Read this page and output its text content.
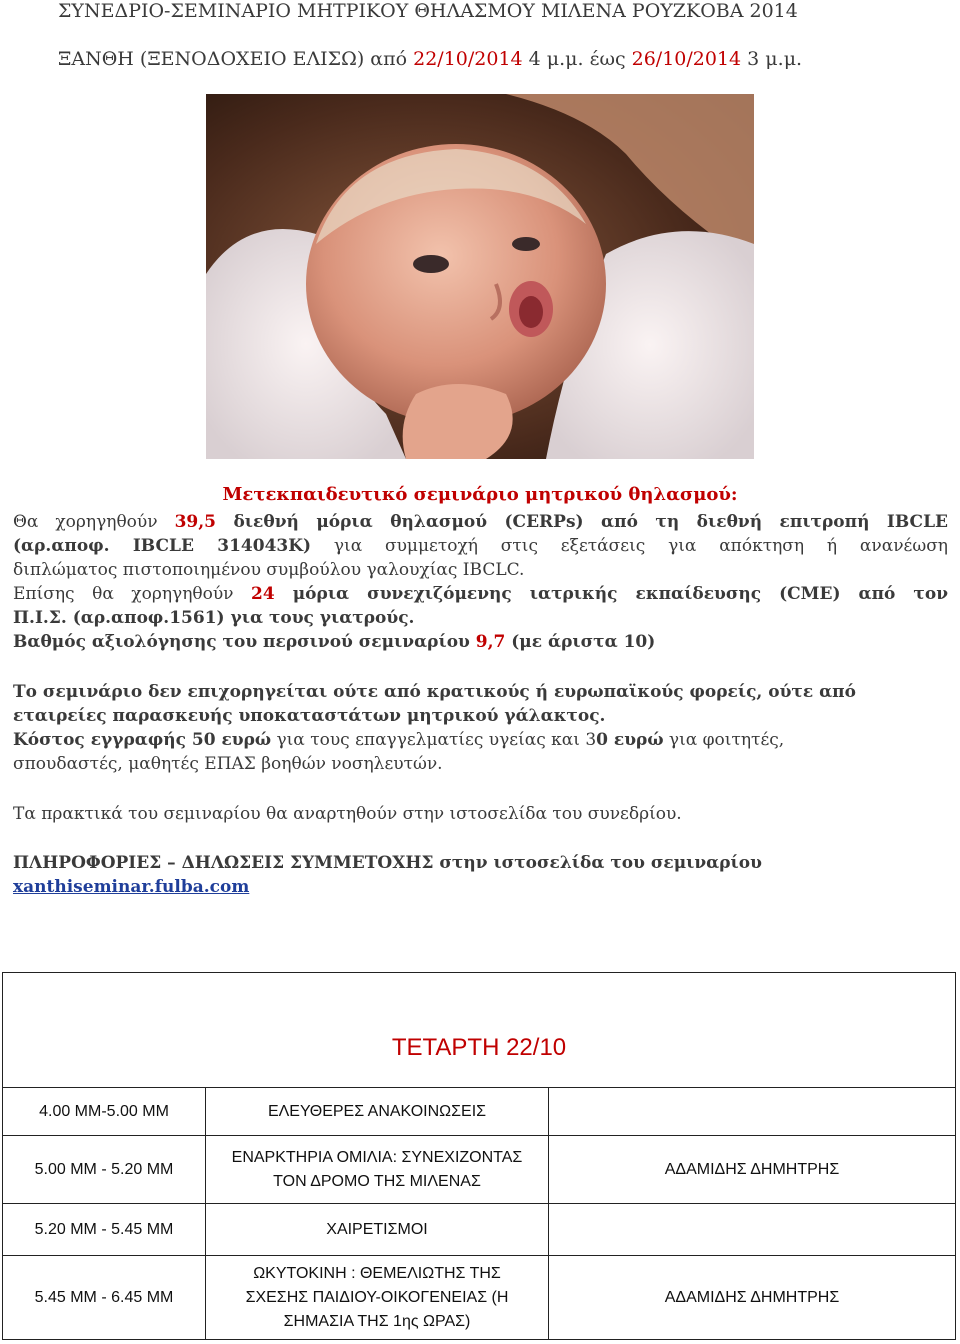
ΣΥΝΕΔΡΙΟ-ΣΕΜΙΝΑΡΙΟ ΜΗΤΡΙΚΟΥ ΘΗΛΑΣΜΟΥ ΜΙΛΕΝΑ ΡΟΥΖΚΟΒΑ 2014
ΞΑΝΘΗ (ΞΕΝΟΔΟΧΕΙΟ ΕΛΙΣΩ) από 22/10/2014 4 μ.μ. έως 26/10/2014 3 μ.μ.
Μετεκπαιδευτικό σεμινάριο μητρικού θηλασμού:
Θα χορηγηθούν 39,5 διεθνή μόρια θηλασμού (CERPs) από τη διεθνή επιτροπή IBCLE
(αρ.αποφ. IBCLE 314043K) για συμμετοχή στις εξετάσεις για απόκτηση ή ανανέωση
διπλώματος πιστοποιημένου συμβούλου γαλουχίας IBCLC.
Επίσης θα χορηγηθούν 24 μόρια συνεχιζόμενης ιατρικής εκπαίδευσης (CME) από τον
Π.Ι.Σ. (αρ.αποφ.1561) για τους γιατρούς.
Βαθμός αξιολόγησης του περσινού σεμιναρίου 9,7 (με άριστα 10)
Το σεμινάριο δεν επιχορηγείται ούτε από κρατικούς ή ευρωπαϊκούς φορείς, ούτε από
εταιρείες παρασκευής υποκαταστάτων μητρικού γάλακτος.
Κόστος εγγραφής 50 ευρώ για τους επαγγελματίες υγείας και 30 ευρώ για φοιτητές,
σπουδαστές, μαθητές ΕΠΑΣ βοηθών νοσηλευτών.
Τα πρακτικά του σεμιναρίου θα αναρτηθούν στην ιστοσελίδα του συνεδρίου.
ΠΛΗΡΟΦΟΡΙΕΣ – ΔΗΛΩΣΕΙΣ ΣΥΜΜΕΤΟΧΗΣ στην ιστοσελίδα του σεμιναρίου
xanthiseminar.fulba.com
ΤΕΤΑΡΤΗ 22/10		
4.00 ΜΜ-5.00 ΜΜ	ΕΛΕΥΘΕΡΕΣ ΑΝΑΚΟΙΝΩΣΕΙΣ	
5.00 ΜΜ - 5.20 ΜΜ	ΕΝΑΡΚΤΗΡΙΑ ΟΜΙΛΙΑ: ΣΥΝΕΧΙΖΟΝΤΑΣ
ΤΟΝ ΔΡΟΜΟ ΤΗΣ ΜΙΛΕΝΑΣ	ΑΔΑΜΙΔΗΣ ΔΗΜΗΤΡΗΣ
5.20 ΜΜ - 5.45 ΜΜ	ΧΑΙΡΕΤΙΣΜΟΙ	
5.45 ΜΜ - 6.45 ΜΜ	ΩΚΥΤΟΚΙΝΗ : ΘΕΜΕΛΙΩΤΗΣ ΤΗΣ
ΣΧΕΣΗΣ ΠΑΙΔΙΟΥ-ΟΙΚΟΓΕΝΕΙΑΣ (Η
ΣΗΜΑΣΙΑ ΤΗΣ 1ης ΩΡΑΣ)	ΑΔΑΜΙΔΗΣ ΔΗΜΗΤΡΗΣ
